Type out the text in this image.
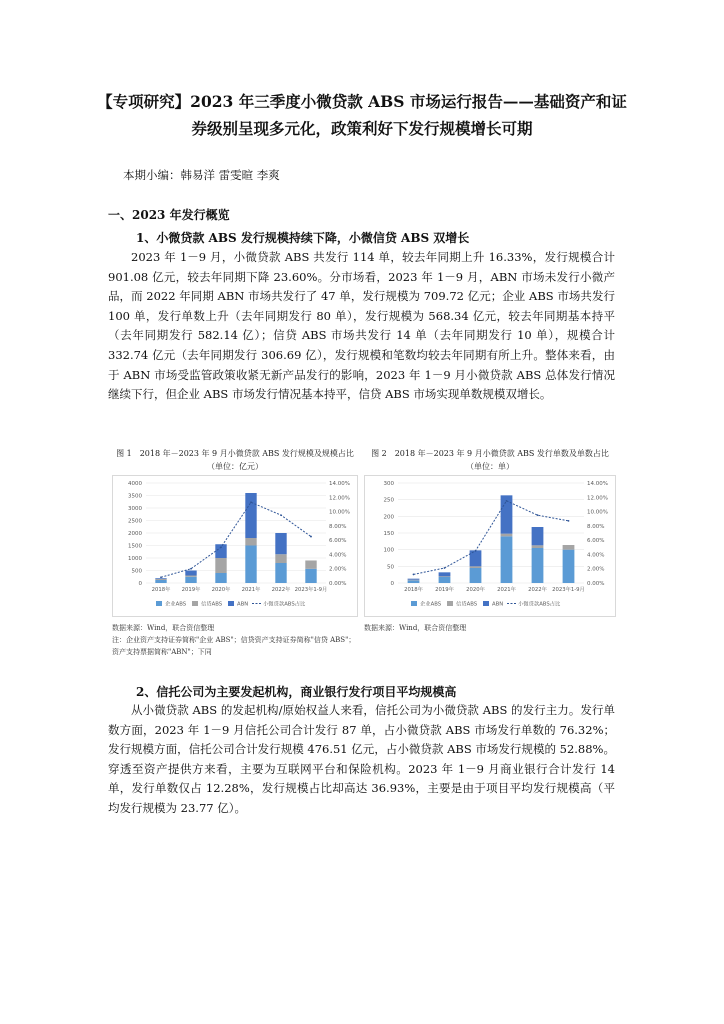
【专项研究】2023 年三季度小微贷款 ABS 市场运行报告——基础资产和证券级别呈现多元化，政策利好下发行规模增长可期
本期小编：韩易洋 雷雯暄 李爽
一、2023 年发行概览
1、小微贷款 ABS 发行规模持续下降，小微信贷 ABS 双增长
2023 年 1－9 月，小微贷款 ABS 共发行 114 单，较去年同期上升 16.33%，发行规模合计 901.08 亿元，较去年同期下降 23.60%。分市场看，2023 年 1－9 月，ABN 市场未发行小微产品，而 2022 年同期 ABN 市场共发行了 47 单，发行规模为 709.72 亿元；企业 ABS 市场共发行 100 单，发行单数上升（去年同期发行 80 单），发行规模为 568.34 亿元，较去年同期基本持平（去年同期发行 582.14 亿）；信贷 ABS 市场共发行 14 单（去年同期发行 10 单），规模合计 332.74 亿元（去年同期发行 306.69 亿），发行规模和笔数均较去年同期有所上升。整体来看，由于 ABN 市场受监管政策收紧无新产品发行的影响，2023 年 1－9 月小微贷款 ABS 总体发行情况继续下行，但企业 ABS 市场发行情况基本持平，信贷 ABS 市场实现单数规模双增长。
图 1　2018 年－2023 年 9 月小微贷款 ABS 发行规模及规模占比（单位：亿元）
0
500
1000
1500
2000
2500
3000
3500
4000
0.00%
2.00%
4.00%
6.00%
8.00%
10.00%
12.00%
14.00%
2018年 2019年 2020年 2021年 2022年 2023年1-9月
企业ABS	信贷ABS	ABN	小微贷款ABS占比
数据来源：Wind，联合资信整理
注：企业资产支持证券简称"企业 ABS"；信贷资产支持证券简称"信贷 ABS"；资产支持票据简称"ABN"；下同
图 2　2018 年－2023 年 9 月小微贷款 ABS 发行单数及单数占比（单位：单）
0
50
100
150
200
250
300
0.00%
2.00%
4.00%
6.00%
8.00%
10.00%
12.00%
14.00%
2018年 2019年 2020年 2021年 2022年 2023年1-9月
企业ABS	信贷ABS	ABN	小微贷款ABS占比
数据来源：Wind，联合资信整理
2、信托公司为主要发起机构，商业银行发行项目平均规模高
从小微贷款 ABS 的发起机构/原始权益人来看，信托公司为小微贷款 ABS 的发行主力。发行单数方面，2023 年 1－9 月信托公司合计发行 87 单，占小微贷款 ABS 市场发行单数的 76.32%；发行规模方面，信托公司合计发行规模 476.51 亿元，占小微贷款 ABS 市场发行规模的 52.88%。穿透至资产提供方来看，主要为互联网平台和保险机构。2023 年 1－9 月商业银行合计发行 14 单，发行单数仅占 12.28%，发行规模占比却高达 36.93%，主要是由于项目平均发行规模高（平均发行规模为 23.77 亿）。
